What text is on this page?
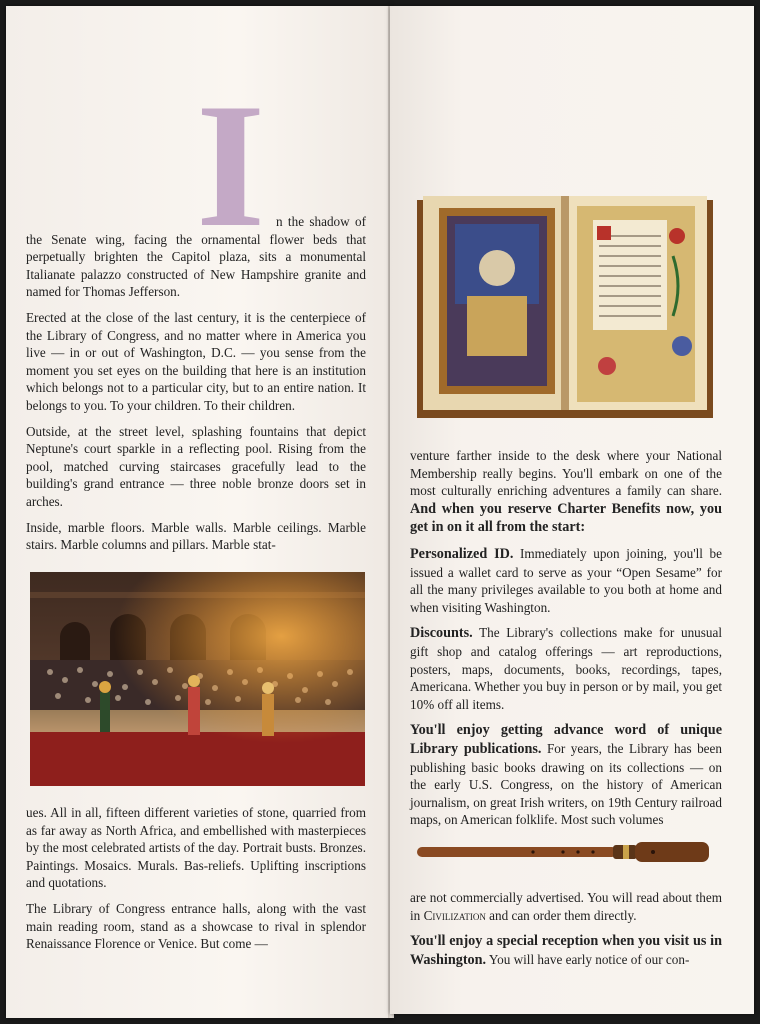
I n the shadow of the Senate wing, facing the ornamental flower beds that perpetually brighten the Capitol plaza, sits a monumental Italianate palazzo constructed of New Hampshire granite and named for Thomas Jefferson.

Erected at the close of the last century, it is the centerpiece of the Library of Congress, and no matter where in America you live — in or out of Washington, D.C. — you sense from the moment you set eyes on the building that here is an institution which belongs not to a particular city, but to an entire nation. It belongs to you. To your children. To their children.

Outside, at the street level, splashing fountains that depict Neptune's court sparkle in a reflecting pool. Rising from the pool, matched curving staircases gracefully lead to the building's grand entrance — three noble bronze doors set in arches.

Inside, marble floors. Marble walls. Marble ceilings. Marble stairs. Marble columns and pillars. Marble stat-

ues. All in all, fifteen different varieties of stone, quarried from as far away as North Africa, and embellished with masterpieces by the most celebrated artists of the day. Portrait busts. Bronzes. Paintings. Mosaics. Murals. Bas-reliefs. Uplifting inscriptions and quotations.

The Library of Congress entrance halls, along with the vast main reading room, stand as a showcase to rival in splendor Renaissance Florence or Venice. But come —

venture farther inside to the desk where your National Membership really begins. You'll embark on one of the most culturally enriching adventures a family can share. And when you reserve Charter Benefits now, you get in on it all from the start:

Personalized ID. Immediately upon joining, you'll be issued a wallet card to serve as your “Open Sesame” for all the many privileges available to you both at home and when visiting Washington.

Discounts. The Library's collections make for unusual gift shop and catalog offerings — art reproductions, posters, maps, documents, books, recordings, tapes, Americana. Whether you buy in person or by mail, you get 10% off all items.

You'll enjoy getting advance word of unique Library publications. For years, the Library has been publishing basic books drawing on its collections — on the early U.S. Congress, on the history of American journalism, on great Irish writers, on 19th Century railroad maps, on American folklife. Most such volumes

are not commercially advertised. You will read about them in Civilization and can order them directly.

You'll enjoy a special reception when you visit us in Washington. You will have early notice of our con-
